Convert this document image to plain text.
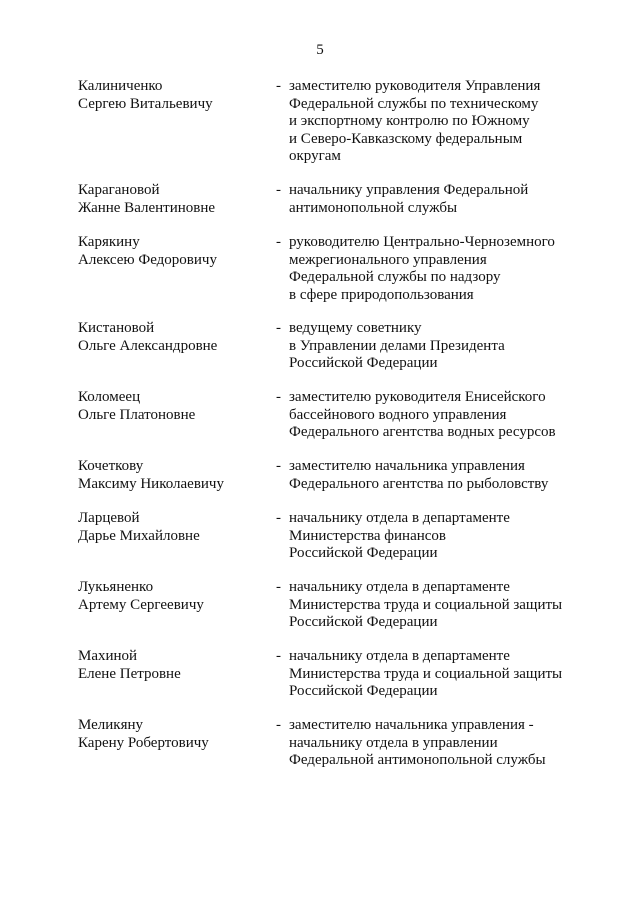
5
Калиниченко
Сергею Витальевичу
- заместителю руководителя Управления
Федеральной службы по техническому
и экспортному контролю по Южному
и Северо-Кавказскому федеральным
округам
Карагановой
Жанне Валентиновне
- начальнику управления Федеральной
антимонопольной службы
Карякину
Алексею Федоровичу
- руководителю Центрально-Черноземного
межрегионального управления
Федеральной службы по надзору
в сфере природопользования
Кистановой
Ольге Александровне
- ведущему советнику
в Управлении делами Президента
Российской Федерации
Коломеец
Ольге Платоновне
- заместителю руководителя Енисейского
бассейнового водного управления
Федерального агентства водных ресурсов
Кочеткову
Максиму Николаевичу
- заместителю начальника управления
Федерального агентства по рыболовству
Ларцевой
Дарье Михайловне
- начальнику отдела в департаменте
Министерства финансов
Российской Федерации
Лукьяненко
Артему Сергеевичу
- начальнику отдела в департаменте
Министерства труда и социальной защиты
Российской Федерации
Махиной
Елене Петровне
- начальнику отдела в департаменте
Министерства труда и социальной защиты
Российской Федерации
Меликяну
Карену Робертовичу
- заместителю начальника управления -
начальнику отдела в управлении
Федеральной антимонопольной службы
